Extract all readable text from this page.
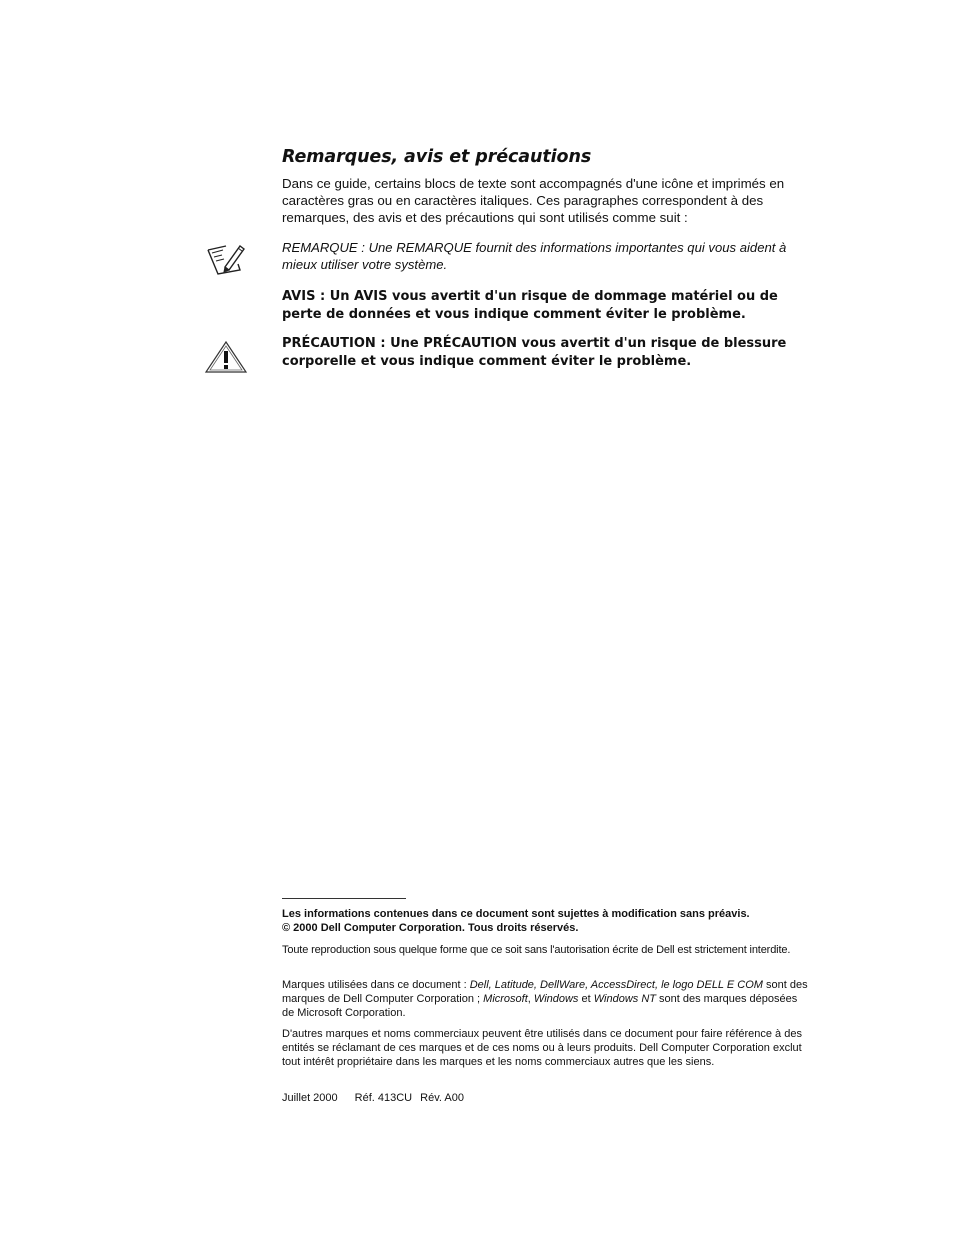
Remarques, avis et précautions

Dans ce guide, certains blocs de texte sont accompagnés d'une icône et imprimés en caractères gras ou en caractères italiques. Ces paragraphes correspondent à des remarques, des avis et des précautions qui sont utilisés comme suit :

REMARQUE : Une REMARQUE fournit des informations importantes qui vous aident à mieux utiliser votre système.

AVIS : Un AVIS vous avertit d'un risque de dommage matériel ou de perte de données et vous indique comment éviter le problème.

PRÉCAUTION : Une PRÉCAUTION vous avertit d'un risque de blessure corporelle et vous indique comment éviter le problème.

Les informations contenues dans ce document sont sujettes à modification sans préavis.
© 2000 Dell Computer Corporation. Tous droits réservés.

Toute reproduction sous quelque forme que ce soit sans l'autorisation écrite de Dell est strictement interdite.

Marques utilisées dans ce document : Dell, Latitude, DellWare, AccessDirect, le logo DELL E COM sont des marques de Dell Computer Corporation ; Microsoft, Windows et Windows NT sont des marques déposées de Microsoft Corporation.

D'autres marques et noms commerciaux peuvent être utilisés dans ce document pour faire référence à des entités se réclamant de ces marques et de ces noms ou à leurs produits. Dell Computer Corporation exclut tout intérêt propriétaire dans les marques et les noms commerciaux autres que les siens.

Juillet 2000 Réf. 413CU Rév. A00
